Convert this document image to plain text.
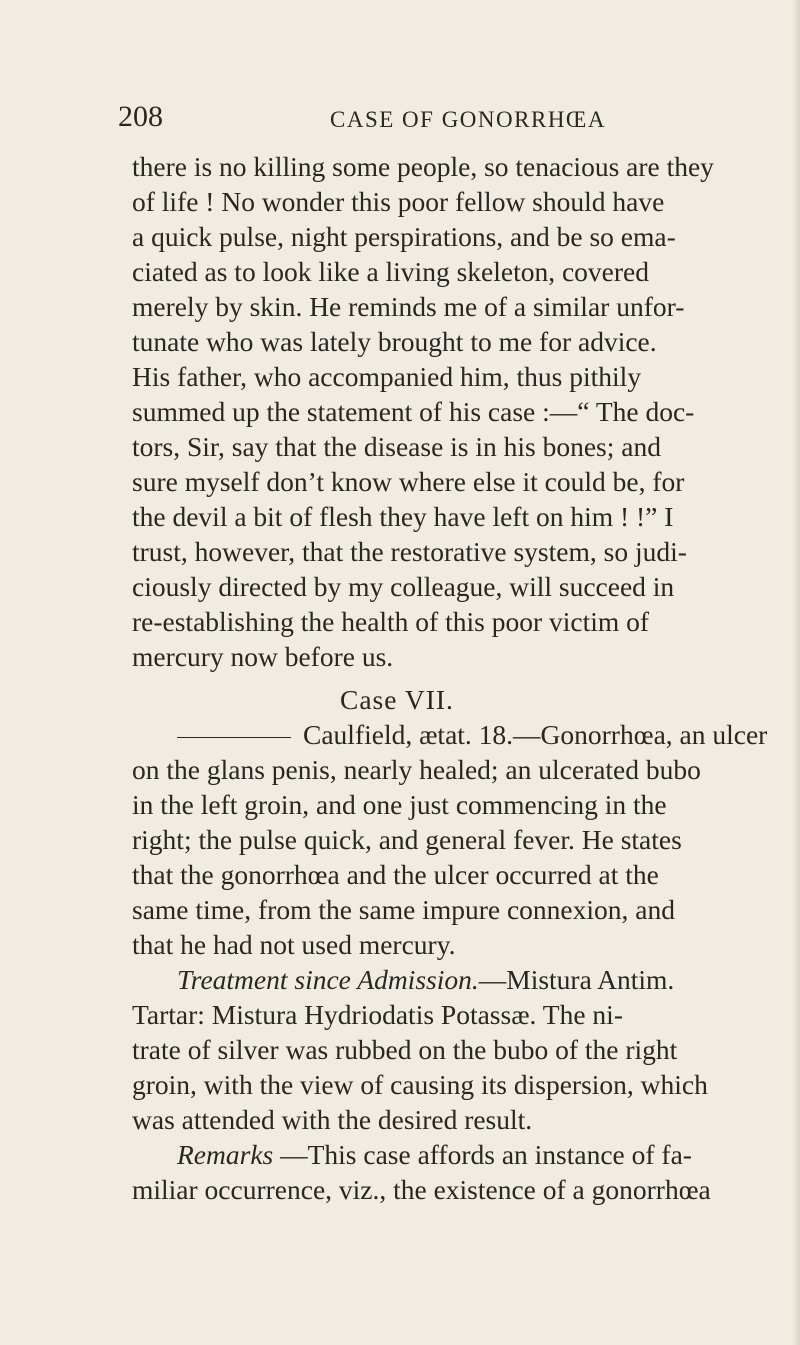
208	CASE OF GONORRHŒA
there is no killing some people, so tenacious are they
of life ! No wonder this poor fellow should have
a quick pulse, night perspirations, and be so ema-
ciated as to look like a living skeleton, covered
merely by skin. He reminds me of a similar unfor-
tunate who was lately brought to me for advice.
His father, who accompanied him, thus pithily
summed up the statement of his case :—“ The doc-
tors, Sir, say that the disease is in his bones; and
sure myself don’t know where else it could be, for
the devil a bit of flesh they have left on him ! !” I
trust, however, that the restorative system, so judi-
ciously directed by my colleague, will succeed in
re-establishing the health of this poor victim of
mercury now before us.
Case VII.
Caulfield, ætat. 18.—Gonorrhœa, an ulcer
on the glans penis, nearly healed; an ulcerated bubo
in the left groin, and one just commencing in the
right; the pulse quick, and general fever. He states
that the gonorrhœa and the ulcer occurred at the
same time, from the same impure connexion, and
that he had not used mercury.
Treatment since Admission.—Mistura Antim.
Tartar: Mistura Hydriodatis Potassæ. The ni-
trate of silver was rubbed on the bubo of the right
groin, with the view of causing its dispersion, which
was attended with the desired result.
Remarks —This case affords an instance of fa-
miliar occurrence, viz., the existence of a gonorrhœa
